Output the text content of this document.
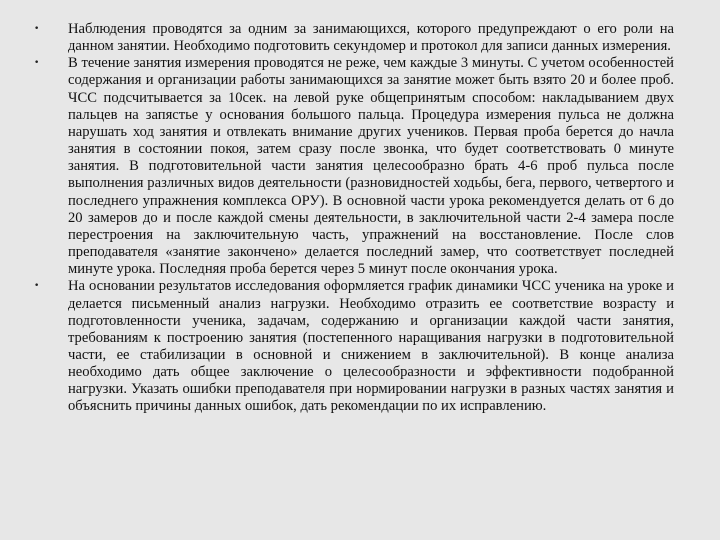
•	Наблюдения проводятся за одним за занимающихся, которого предупреждают о его роли на данном занятии. Необходимо подготовить секундомер и протокол для записи данных измерения.
•	В течение занятия измерения проводятся не реже, чем каждые 3 минуты. С учетом особенностей содержания и организации работы занимающихся за занятие может быть взято 20 и более проб. ЧСС подсчитывается за 10сек. на левой руке общепринятым способом: накладыванием двух пальцев на запястье у основания большого пальца. Процедура измерения пульса не должна нарушать ход занятия и отвлекать внимание других учеников. Первая проба берется до начла занятия в состоянии покоя, затем сразу после звонка, что будет соответствовать 0 минуте занятия. В подготовительной части занятия целесообразно брать 4-6 проб пульса после выполнения различных видов деятельности (разновидностей ходьбы, бега, первого, четвертого и последнего упражнения комплекса ОРУ). В основной части урока рекомендуется делать от 6 до 20 замеров до и после каждой смены деятельности, в заключительной части 2-4 замера после перестроения на заключительную часть, упражнений на восстановление. После слов преподавателя «занятие закончено» делается последний замер, что соответствует последней минуте урока. Последняя проба берется через 5 минут после окончания урока.
•	На основании результатов исследования оформляется график динамики ЧСС ученика на уроке и делается письменный анализ нагрузки. Необходимо отразить ее соответствие возрасту и подготовленности ученика, задачам, содержанию и организации каждой части занятия, требованиям к построению занятия (постепенного наращивания нагрузки в подготовительной части, ее стабилизации в основной и снижением в заключительной). В конце анализа необходимо дать общее заключение о целесообразности и эффективности подобранной нагрузки. Указать ошибки преподавателя при нормировании нагрузки в разных частях занятия и объяснить причины данных ошибок, дать рекомендации по их исправлению.
